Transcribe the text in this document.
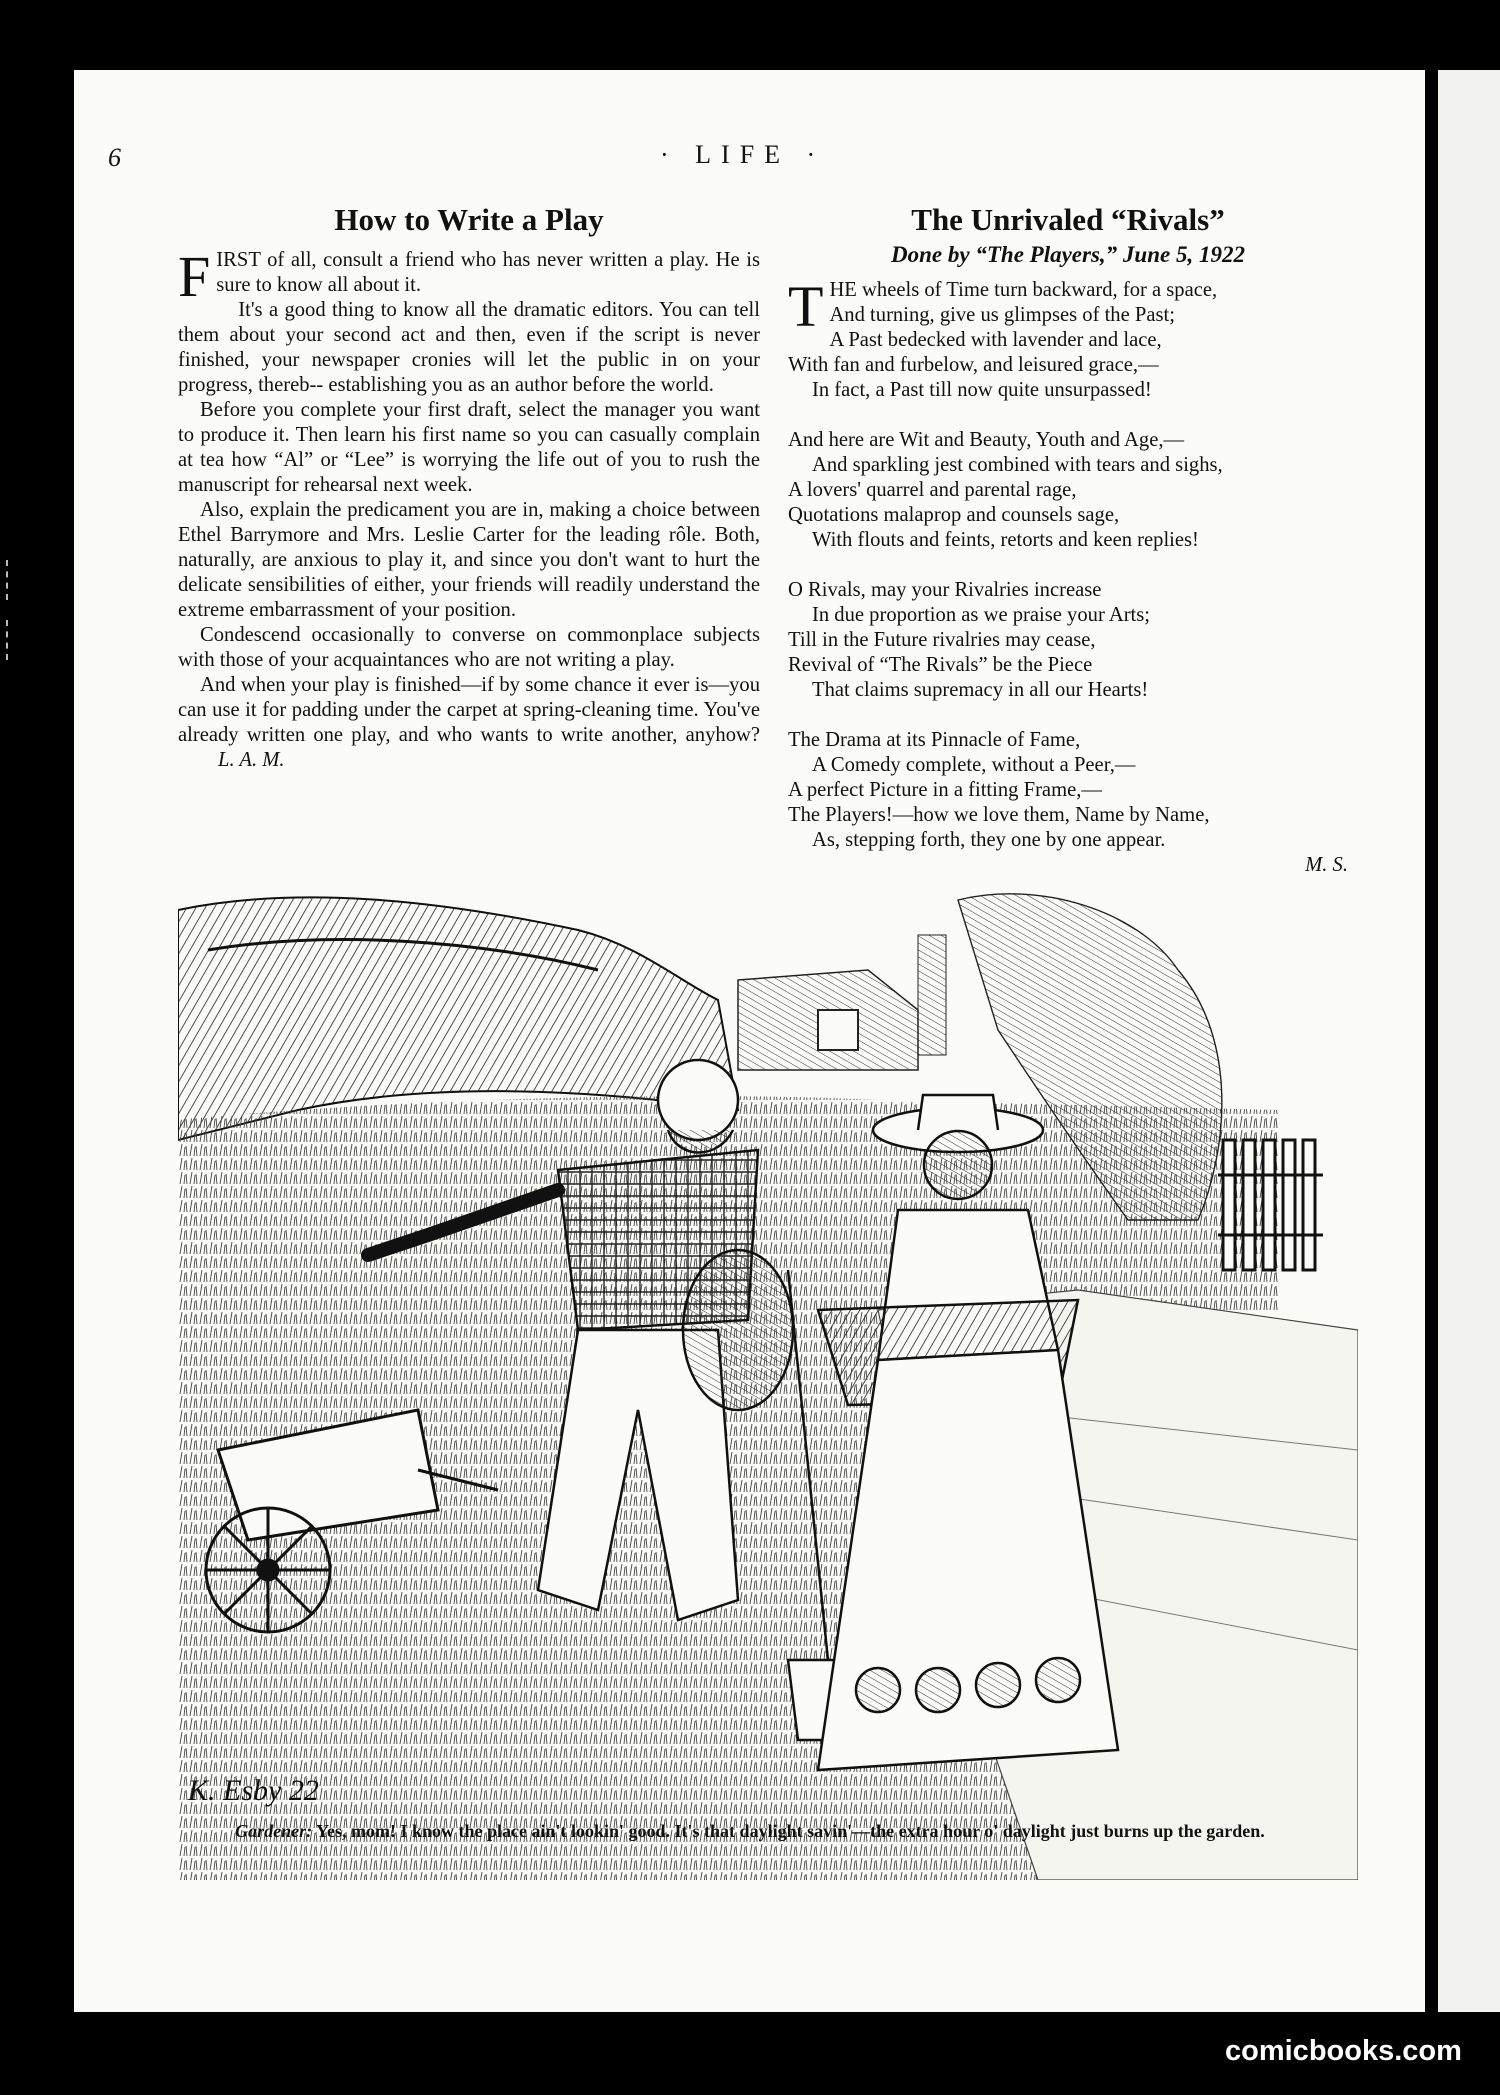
6	· LIFE ·
How to Write a Play

F IRST of all, consult a friend who has never written a play. He is sure to know all about it.

It's a good thing to know all the dramatic editors. You can tell them about your second act and then, even if the script is never finished, your newspaper cronies will let the public in on your progress, thereb-- establishing you as an author before the world.

Before you complete your first draft, select the manager you want to produce it. Then learn his first name so you can casually complain at tea how “Al” or “Lee” is worrying the life out of you to rush the manuscript for rehearsal next week.

Also, explain the predicament you are in, making a choice between Ethel Barrymore and Mrs. Leslie Carter for the leading rôle. Both, naturally, are anxious to play it, and since you don't want to hurt the delicate sensibilities of either, your friends will readily understand the extreme embarrassment of your position.

Condescend occasionally to converse on commonplace subjects with those of your acquaintances who are not writing a play.

And when your play is finished—if by some chance it ever is—you can use it for padding under the carpet at spring-cleaning time. You've already written one play, and who wants to write another, anyhow? L. A. M.

The Unrivaled “Rivals”
Done by “The Players,” June 5, 1922
T HE wheels of Time turn backward, for a space,
And turning, give us glimpses of the Past;
A Past bedecked with lavender and lace,
With fan and furbelow, and leisured grace,—
In fact, a Past till now quite unsurpassed!
And here are Wit and Beauty, Youth and Age,—
And sparkling jest combined with tears and sighs,
A lovers' quarrel and parental rage,
Quotations malaprop and counsels sage,
With flouts and feints, retorts and keen replies!
O Rivals, may your Rivalries increase
In due proportion as we praise your Arts;
Till in the Future rivalries may cease,
Revival of “The Rivals” be the Piece
That claims supremacy in all our Hearts!
The Drama at its Pinnacle of Fame,
A Comedy complete, without a Peer,—
A perfect Picture in a fitting Frame,—
The Players!—how we love them, Name by Name,
As, stepping forth, they one by one appear.
M. S.
K. Esby 22
Gardener: Yes, mom! I know the place ain't lookin' good. It's that daylight savin'—the extra hour o' daylight just burns up the garden.
comicbooks.com
